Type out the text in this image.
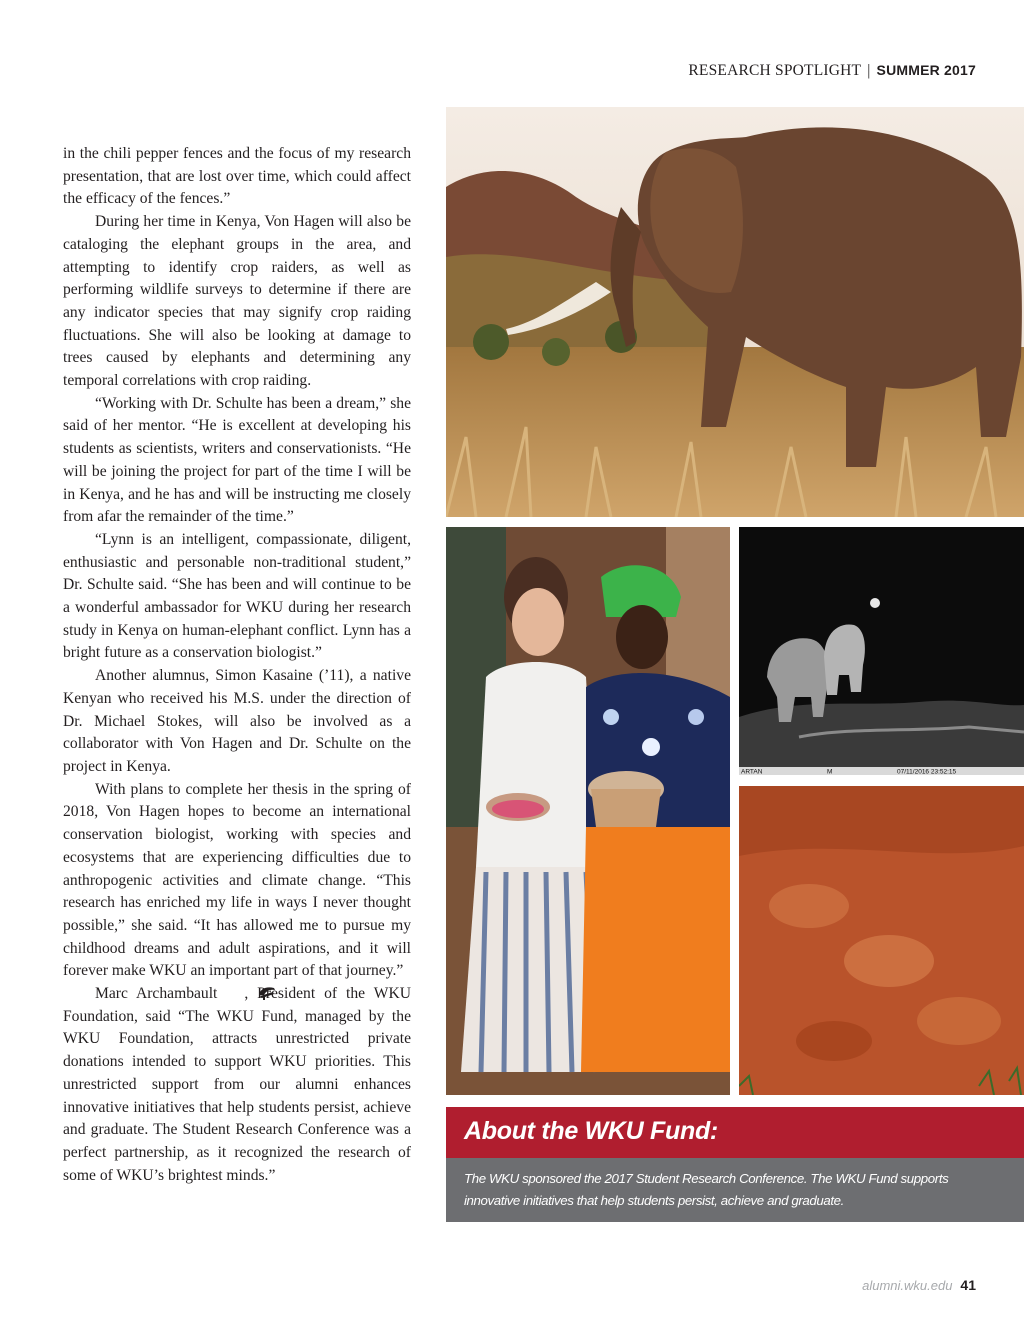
RESEARCH SPOTLIGHT | SUMMER 2017

in the chili pepper fences and the focus of my research presentation, that are lost over time, which could affect the efficacy of the fences.”

During her time in Kenya, Von Hagen will also be cataloging the elephant groups in the area, and attempting to identify crop raiders, as well as performing wildlife surveys to determine if there are any indicator species that may signify crop raiding fluctuations. She will also be looking at damage to trees caused by elephants and determining any temporal correlations with crop raiding.

“Working with Dr. Schulte has been a dream,” she said of her mentor. “He is excellent at developing his students as scientists, writers and conservationists. “He will be joining the project for part of the time I will be in Kenya, and he has and will be instructing me closely from afar the remainder of the time.”

“Lynn is an intelligent, compassionate, diligent, enthusiastic and personable non-traditional student,” Dr. Schulte said. “She has been and will continue to be a wonderful ambassador for WKU during her research study in Kenya on human-elephant conflict. Lynn has a bright future as a conservation biologist.”

Another alumnus, Simon Kasaine (’11), a native Kenyan who received his M.S. under the direction of Dr. Michael Stokes, will also be involved as a collaborator with Von Hagen and Dr. Schulte on the project in Kenya.

With plans to complete her thesis in the spring of 2018, Von Hagen hopes to become an international conservation biologist, working with species and ecosystems that are experiencing difficulties due to anthropogenic activities and climate change. “This research has enriched my life in ways I never thought possible,” she said. “It has allowed me to pursue my childhood dreams and adult aspirations, and it will forever make WKU an important part of that journey.”

Marc Archambault , President of the WKU Foundation, said “The WKU Fund, managed by the WKU Foundation, attracts unrestricted private donations intended to support WKU priorities. This unrestricted support from our alumni enhances innovative initiatives that help students persist, achieve and graduate. The Student Research Conference was a perfect partnership, as it recognized the research of some of WKU’s brightest minds.”

ARTAN	M	07/11/2016 23:52:15
About the WKU Fund:
The WKU sponsored the 2017 Student Research Conference. The WKU Fund supports innovative initiatives that help students persist, achieve and graduate.
alumni.wku.edu 41
